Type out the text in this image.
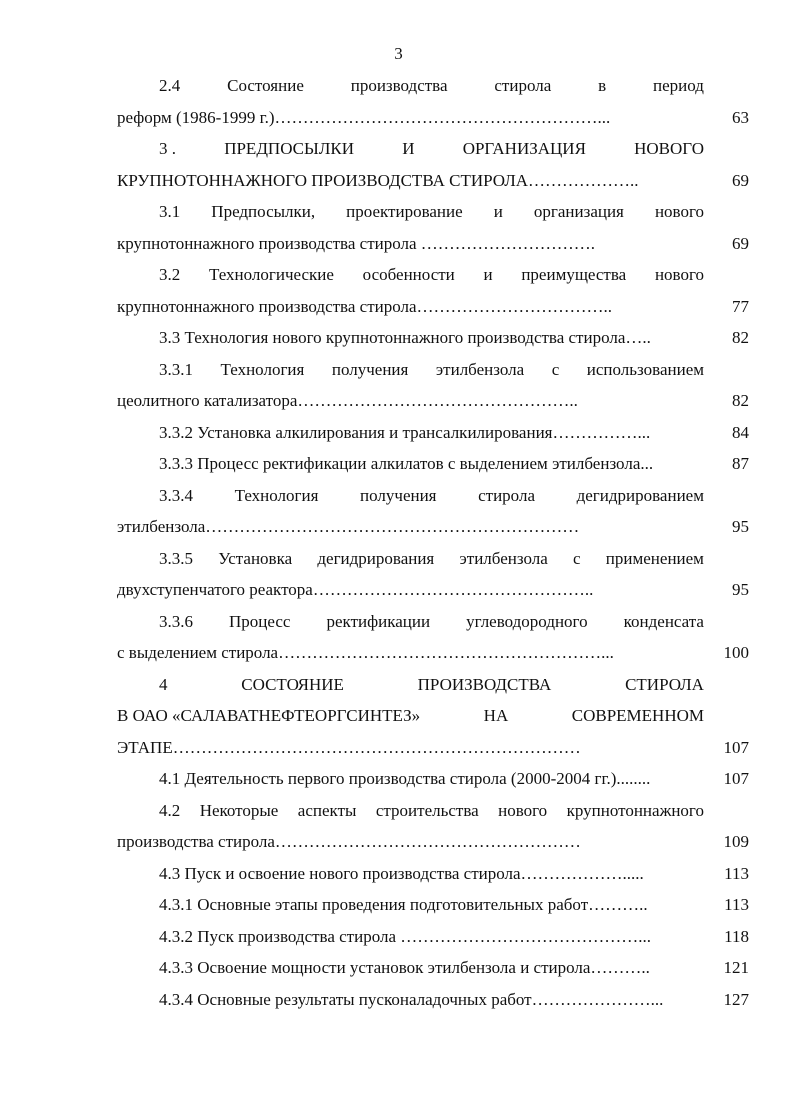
3
2.4	Состояние	производства	стирола	в	период
реформ (1986-1999 г.)…………………………………………………...	63
3 .	ПРЕДПОСЫЛКИ	И	ОРГАНИЗАЦИЯ	НОВОГО
КРУПНОТОННАЖНОГО ПРОИЗВОДСТВА СТИРОЛА………………..	69
3.1 Предпосылки, проектирование и организация нового
крупнотоннажного производства стирола ………………………….	69
3.2 Технологические особенности и преимущества нового
крупнотоннажного производства стирола……………………………..	77
3.3 Технология нового крупнотоннажного производства стирола…..	82
3.3.1 Технология получения этилбензола с использованием
цеолитного катализатора…………………………………………..	82
3.3.2 Установка алкилирования и трансалкилирования……………...	84
3.3.3 Процесс ректификации алкилатов с выделением этилбензола...	87
3.3.4 Технология получения стирола дегидрированием
этилбензола…………………………………………………………	95
3.3.5 Установка дегидрирования этилбензола с применением
двухступенчатого реактора…………………………………………..	95
3.3.6 Процесс ректификации углеводородного конденсата
с выделением стирола…………………………………………………...	100
4	СОСТОЯНИЕ	ПРОИЗВОДСТВА	СТИРОЛА
В ОАО «САЛАВАТНЕФТЕОРГСИНТЕЗ»	НА	СОВРЕМЕННОМ
ЭТАПЕ………………………………………………………………	107
4.1 Деятельность первого производства стирола (2000-2004 гг.)........	107
4.2 Некоторые аспекты строительства нового крупнотоннажного
производства стирола………………………………………………	109
4.3 Пуск и освоение нового производства стирола……………….....	113
4.3.1 Основные этапы проведения подготовительных работ………..	113
4.3.2 Пуск производства стирола ……………………………………...	118
4.3.3 Освоение мощности установок этилбензола и стирола………..	121
4.3.4 Основные результаты пусконаладочных работ…………………...	127
